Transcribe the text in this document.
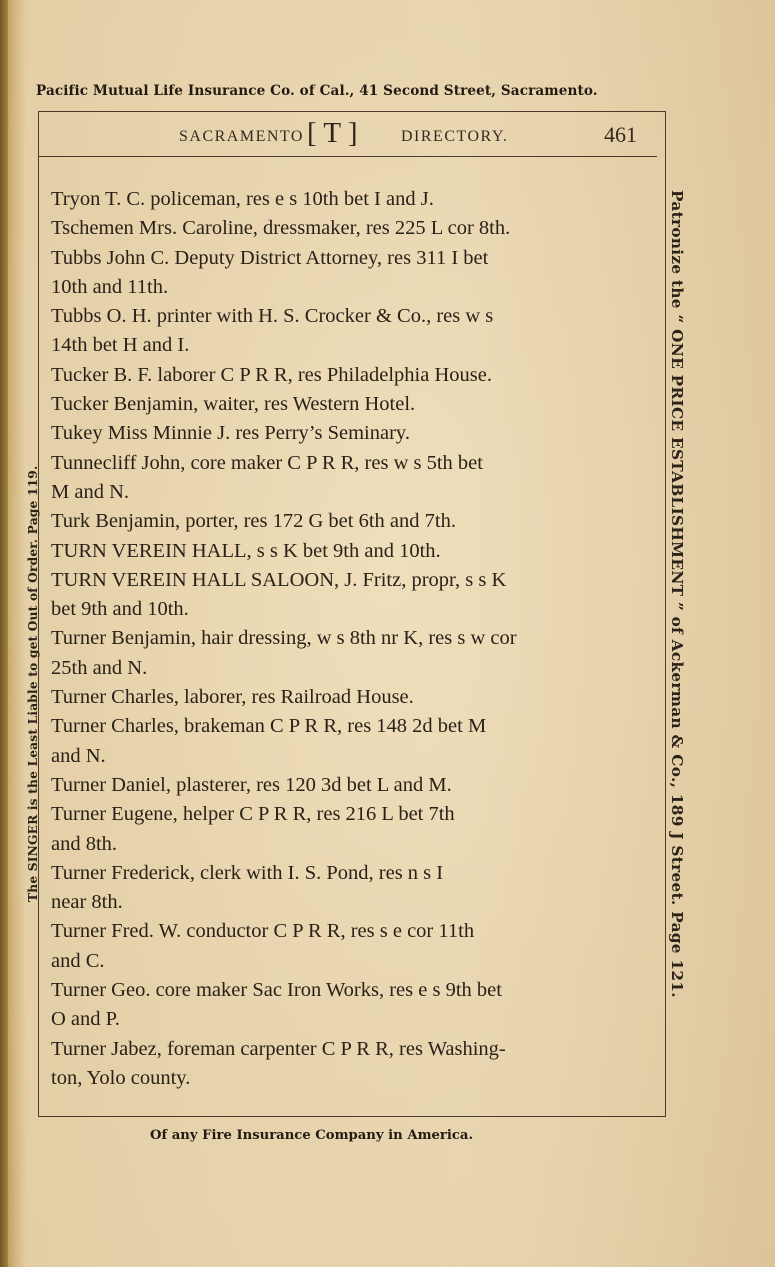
Pacific Mutual Life Insurance Co. of Cal., 41 Second Street, Sacramento.
SACRAMENTO [ T ]	DIRECTORY.	461
Tryon T. C. policeman, res e s 10th bet I and J.
Tschemen Mrs. Caroline, dressmaker, res 225 L cor 8th.
Tubbs John C. Deputy District Attorney, res 311 I bet
10th and 11th.
Tubbs O. H. printer with H. S. Crocker & Co., res w s
14th bet H and I.
Tucker B. F. laborer C P R R, res Philadelphia House.
Tucker Benjamin, waiter, res Western Hotel.
Tukey Miss Minnie J. res Perry’s Seminary.
Tunnecliff John, core maker C P R R, res w s 5th bet
M and N.
Turk Benjamin, porter, res 172 G bet 6th and 7th.
TURN VEREIN HALL, s s K bet 9th and 10th.
TURN VEREIN HALL SALOON, J. Fritz, propr, s s K
bet 9th and 10th.
Turner Benjamin, hair dressing, w s 8th nr K, res s w cor
25th and N.
Turner Charles, laborer, res Railroad House.
Turner Charles, brakeman C P R R, res 148 2d bet M
and N.
Turner Daniel, plasterer, res 120 3d bet L and M.
Turner Eugene, helper C P R R, res 216 L bet 7th
and 8th.
Turner Frederick, clerk with I. S. Pond, res n s I
near 8th.
Turner Fred. W. conductor C P R R, res s e cor 11th
and C.
Turner Geo. core maker Sac Iron Works, res e s 9th bet
O and P.
Turner Jabez, foreman carpenter C P R R, res Washing-
ton, Yolo county.
The SINGER is the Least Liable to get Out of Order. Page 119.	Patronize the “ ONE PRICE ESTABLISHMENT ” of Ackerman & Co., 189 J Street. Page 121.
Of any Fire Insurance Company in America.
